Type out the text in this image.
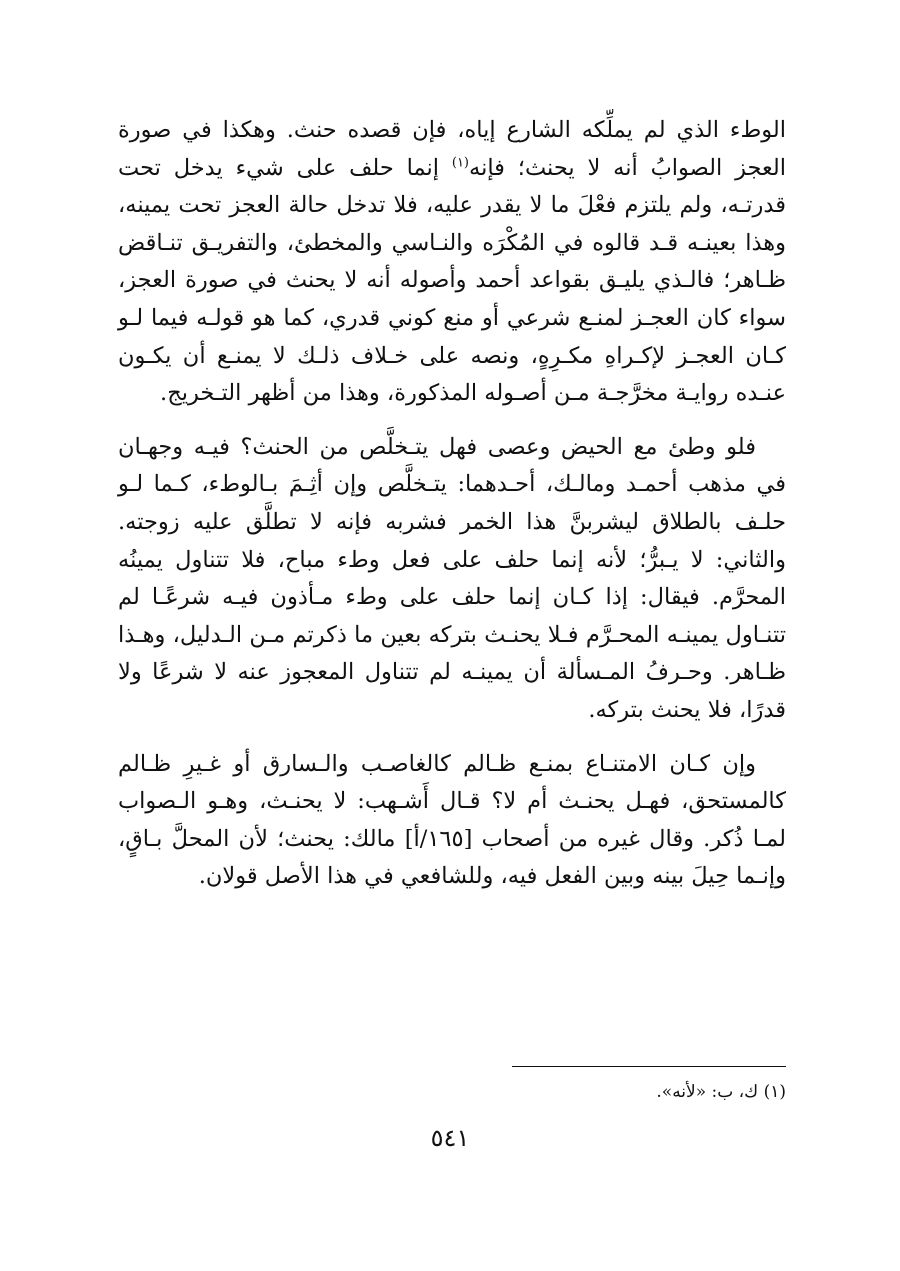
الوطء الذي لم يملِّكه الشارع إياه، فإن قصده حنث. وهكذا في صورة العجز الصوابُ أنه لا يحنث؛ فإنه$^{(١)}$ إنما حلف على شيء يدخل تحت قدرتـه، ولم يلتزم فعْلَ ما لا يقدر عليه، فلا تدخل حالة العجز تحت يمينه، وهذا بعينـه قـد قالوه في المُكْرَه والنـاسي والمخطئ، والتفريـق تنـاقض ظـاهر؛ فالـذي يليـق بقواعد أحمد وأصوله أنه لا يحنث في صورة العجز، سواء كان العجـز لمنـع شرعي أو منع كوني قدري، كما هو قولـه فيما لـو كـان العجـز لإكـراهِ مكـرِهٍ، ونصه على خـلاف ذلـك لا يمنـع أن يكـون عنـده روايـة مخرَّجـة مـن أصـوله المذكورة، وهذا من أظهر التـخريج.

فلو وطئ مع الحيض وعصى فهل يتـخلَّص من الحنث؟ فيـه وجهـان في مذهب أحمـد ومالـك، أحـدهما: يتـخلَّص وإن أثِـمَ بـالوطء، كـما لـو حلـف بالطلاق ليشربنَّ هذا الخمر فشربه فإنه لا تطلَّق عليه زوجته. والثاني: لا يـبرُّ؛ لأنه إنما حلف على فعل وطء مباح، فلا تتناول يمينُه المحرَّم. فيقال: إذا كـان إنما حلف على وطء مـأذون فيـه شرعًـا لم تتنـاول يمينـه المحـرَّم فـلا يحنـث بتركه بعين ما ذكرتم مـن الـدليل، وهـذا ظـاهر. وحـرفُ المـسألة أن يمينـه لم تتناول المعجوز عنه لا شرعًا ولا قدرًا، فلا يحنث بتركه.

وإن كـان الامتنـاع بمنـع ظـالم كالغاصـب والـسارق أو غـيرِ ظـالم كالمستحق، فهـل يحنـث أم لا؟ قـال أَشـهب: لا يحنـث، وهـو الـصواب لمـا ذُكر. وقال غيره من أصحاب [١٦٥/أ] مالك: يحنث؛ لأن المحلَّ بـاقٍ، وإنـما حِيلَ بينه وبين الفعل فيه، وللشافعي في هذا الأصل قولان.

(١) ك، ب: «لأنه».
٥٤١
